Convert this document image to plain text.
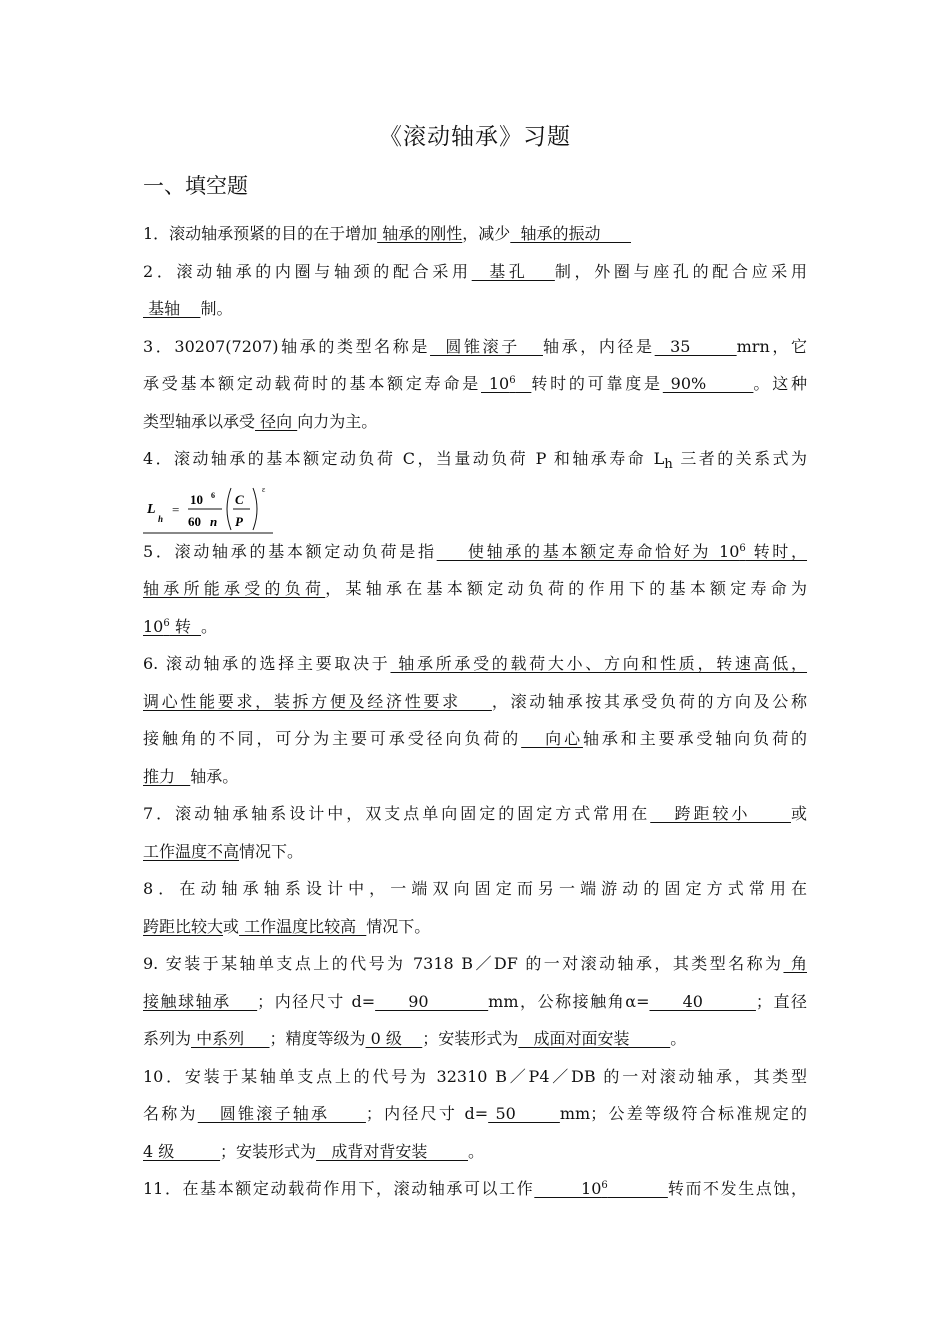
《滚动轴承》习题
一、填空题
1．滚动轴承预紧的目的在于增加 轴承的刚性，减少  轴承的振动
2．滚动轴承的内圈与轴颈的配合采用  基孔   制，外圈与座孔的配合应采用
基轴    制。
3．30207(7207)轴承的类型名称是  圆锥滚子   轴承，内径是  35      mrn，它
承受基本额定动载荷时的基本额定寿命是 $10^6$ 转时的可靠度是 90%      。这种
类型轴承以承受 径向 向力为主。
4．滚动轴承的基本额定动负荷 C，当量动负荷 P 和轴承寿命 $L_h$ 三者的关系式为
L
h
=
10 6
60 n
C
P
ε
5．滚动轴承的基本额定动负荷是指    使轴承的基本额定寿命恰好为 $10^6$ 转时，
轴承所能承受的负荷，某轴承在基本额定动负荷的作用下的基本额定寿命为
$10^6$ 转  。
6. 滚动轴承的选择主要取决于 轴承所承受的载荷大小、方向和性质，转速高低，
调心性能要求，装拆方便及经济性要求    ，滚动轴承按其承受负荷的方向及公称
接触角的不同，可分为主要可承受径向负荷的   向心轴承和主要承受轴向负荷的
推力   轴承。
7．滚动轴承轴系设计中，双支点单向固定的固定方式常用在   跨距较小     或
工作温度不高情况下。
8．在动轴承轴系设计中，一端双向固定而另一端游动的固定方式常用在
跨距比较大或 工作温度比较高  情况下。
9. 安装于某轴单支点上的代号为 7318 B／DF 的一对滚动轴承，其类型名称为 角
接触球轴承    ；内径尺寸 d=     90         mm，公称接触角α=     40        ；直径
系列为 中系列     ；精度等级为 0 级    ；安装形式为   成面对面安装        。
10．安装于某轴单支点上的代号为 32310 B／P4／DB 的一对滚动轴承，其类型
名称为   圆锥滚子轴承     ；内径尺寸 d= 50      mm；公差等级符合标准规定的
4 级         ；安装形式为   成背对背安装        。
11．在基本额定动载荷作用下，滚动轴承可以工作       $10^6$	转而不发生点蚀，
